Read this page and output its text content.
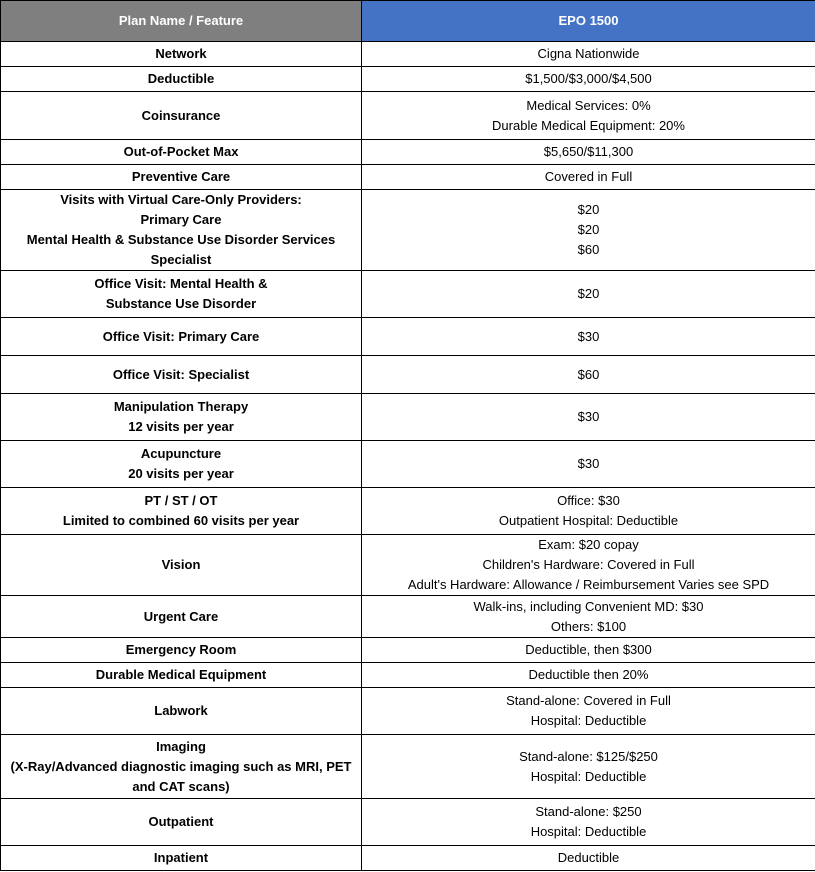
Plan Name / Feature	EPO 1500

Network	Cigna Nationwide

Deductible	$1,500/$3,000/$4,500

Coinsurance	Medical Services: 0%
Durable Medical Equipment: 20%

Out-of-Pocket Max	$5,650/$11,300

Preventive Care	Covered in Full

Visits with Virtual Care-Only Providers:
Primary Care
Mental Health & Substance Use Disorder Services
Specialist	$20
$20
$60

Office Visit: Mental Health &
Substance Use Disorder	$20

Office Visit: Primary Care	$30

Office Visit: Specialist	$60

Manipulation Therapy
12 visits per year	$30

Acupuncture
20 visits per year	$30

PT / ST / OT
Limited to combined 60 visits per year	Office: $30
Outpatient Hospital: Deductible

Vision	Exam: $20 copay
Children's Hardware: Covered in Full
Adult's Hardware: Allowance / Reimbursement Varies see SPD

Urgent Care	Walk-ins, including Convenient MD: $30
Others: $100

Emergency Room	Deductible, then $300

Durable Medical Equipment	Deductible then 20%

Labwork	Stand-alone: Covered in Full
Hospital: Deductible

Imaging
(X-Ray/Advanced diagnostic imaging such as MRI, PET
and CAT scans)	Stand-alone: $125/$250
Hospital: Deductible

Outpatient	Stand-alone: $250
Hospital: Deductible

Inpatient	Deductible
